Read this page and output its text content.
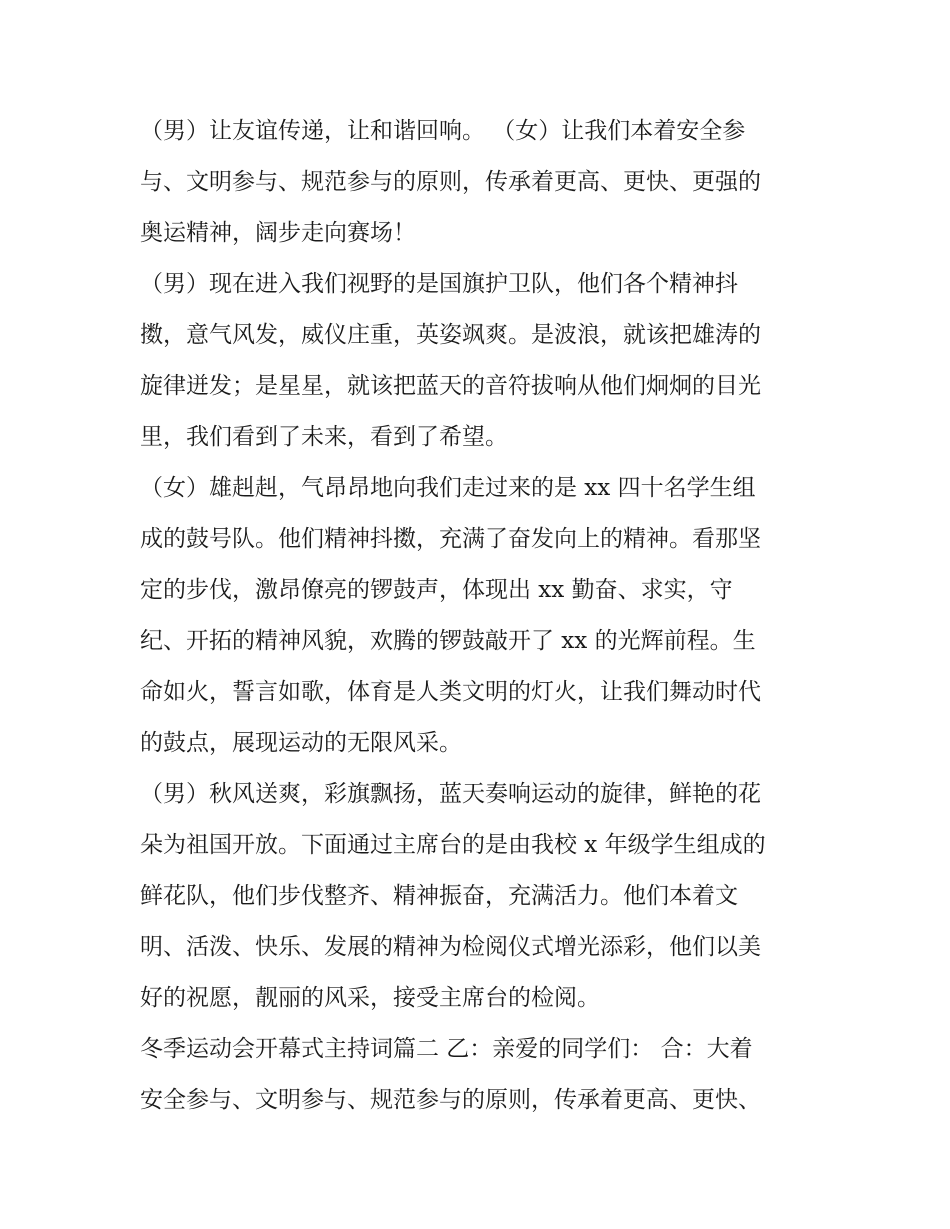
（男）让友谊传递，让和谐回响。 （女）让我们本着安全参
与、文明参与、规范参与的原则，传承着更高、更快、更强的
奥运精神，阔步走向赛场！
（男）现在进入我们视野的是国旗护卫队，他们各个精神抖
擞，意气风发，威仪庄重，英姿飒爽。是波浪，就该把雄涛的
旋律迸发；是星星，就该把蓝天的音符拔响从他们炯炯的目光
里，我们看到了未来，看到了希望。
（女）雄赳赳，气昂昂地向我们走过来的是 xx 四十名学生组
成的鼓号队。他们精神抖擞，充满了奋发向上的精神。看那坚
定的步伐，激昂僚亮的锣鼓声，体现出 xx 勤奋、求实，守
纪、开拓的精神风貌，欢腾的锣鼓敲开了 xx 的光辉前程。生
命如火，誓言如歌，体育是人类文明的灯火，让我们舞动时代
的鼓点，展现运动的无限风采。
（男）秋风送爽，彩旗飘扬，蓝天奏响运动的旋律，鲜艳的花
朵为祖国开放。下面通过主席台的是由我校 x 年级学生组成的
鲜花队，他们步伐整齐、精神振奋，充满活力。他们本着文
明、活泼、快乐、发展的精神为检阅仪式增光添彩，他们以美
好的祝愿，靓丽的风采，接受主席台的检阅。
冬季运动会开幕式主持词篇二 乙：亲爱的同学们： 合：大着
安全参与、文明参与、规范参与的原则，传承着更高、更快、
